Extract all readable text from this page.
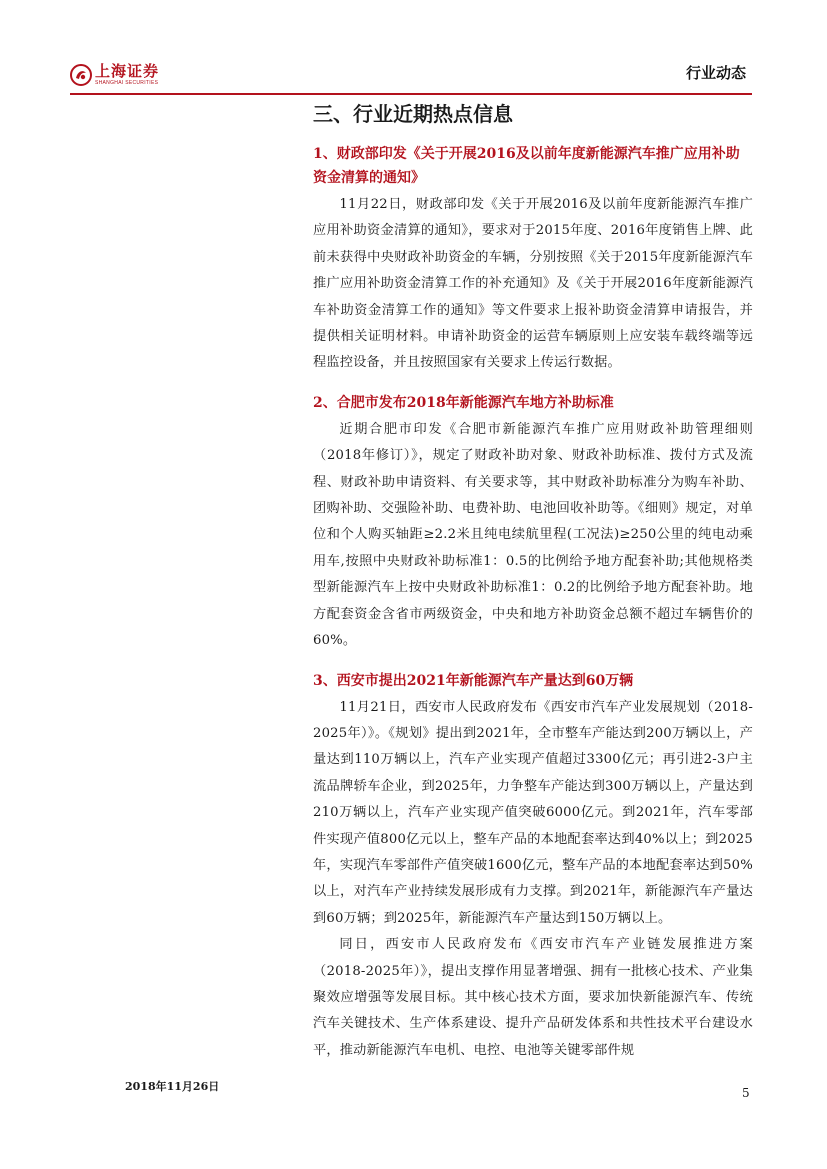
上海证券
SHANGHAI SECURITIES
行业动态
三、行业近期热点信息
1、财政部印发《关于开展2016及以前年度新能源汽车推广应用补助资金清算的通知》

11月22日，财政部印发《关于开展2016及以前年度新能源汽车推广应用补助资金清算的通知》，要求对于2015年度、2016年度销售上牌、此前未获得中央财政补助资金的车辆，分别按照《关于2015年度新能源汽车推广应用补助资金清算工作的补充通知》及《关于开展2016年度新能源汽车补助资金清算工作的通知》等文件要求上报补助资金清算申请报告，并提供相关证明材料。申请补助资金的运营车辆原则上应安装车载终端等远程监控设备，并且按照国家有关要求上传运行数据。

2、合肥市发布2018年新能源汽车地方补助标准

近期合肥市印发《合肥市新能源汽车推广应用财政补助管理细则（2018年修订）》，规定了财政补助对象、财政补助标准、拨付方式及流程、财政补助申请资料、有关要求等，其中财政补助标准分为购车补助、团购补助、交强险补助、电费补助、电池回收补助等。《细则》规定，对单位和个人购买轴距≥2.2米且纯电续航里程(工况法)≥250公里的纯电动乘用车,按照中央财政补助标准1：0.5的比例给予地方配套补助;其他规格类型新能源汽车上按中央财政补助标准1：0.2的比例给予地方配套补助。地方配套资金含省市两级资金，中央和地方补助资金总额不超过车辆售价的60%。

3、西安市提出2021年新能源汽车产量达到60万辆

11月21日，西安市人民政府发布《西安市汽车产业发展规划（2018-2025年）》。《规划》提出到2021年，全市整车产能达到200万辆以上，产量达到110万辆以上，汽车产业实现产值超过3300亿元；再引进2-3户主流品牌轿车企业，到2025年，力争整车产能达到300万辆以上，产量达到210万辆以上，汽车产业实现产值突破6000亿元。到2021年，汽车零部件实现产值800亿元以上，整车产品的本地配套率达到40%以上；到2025年，实现汽车零部件产值突破1600亿元，整车产品的本地配套率达到50%以上，对汽车产业持续发展形成有力支撑。到2021年，新能源汽车产量达到60万辆；到2025年，新能源汽车产量达到150万辆以上。

同日，西安市人民政府发布《西安市汽车产业链发展推进方案（2018-2025年）》，提出支撑作用显著增强、拥有一批核心技术、产业集聚效应增强等发展目标。其中核心技术方面，要求加快新能源汽车、传统汽车关键技术、生产体系建设、提升产品研发体系和共性技术平台建设水平，推动新能源汽车电机、电控、电池等关键零部件规

2018年11月26日	5
